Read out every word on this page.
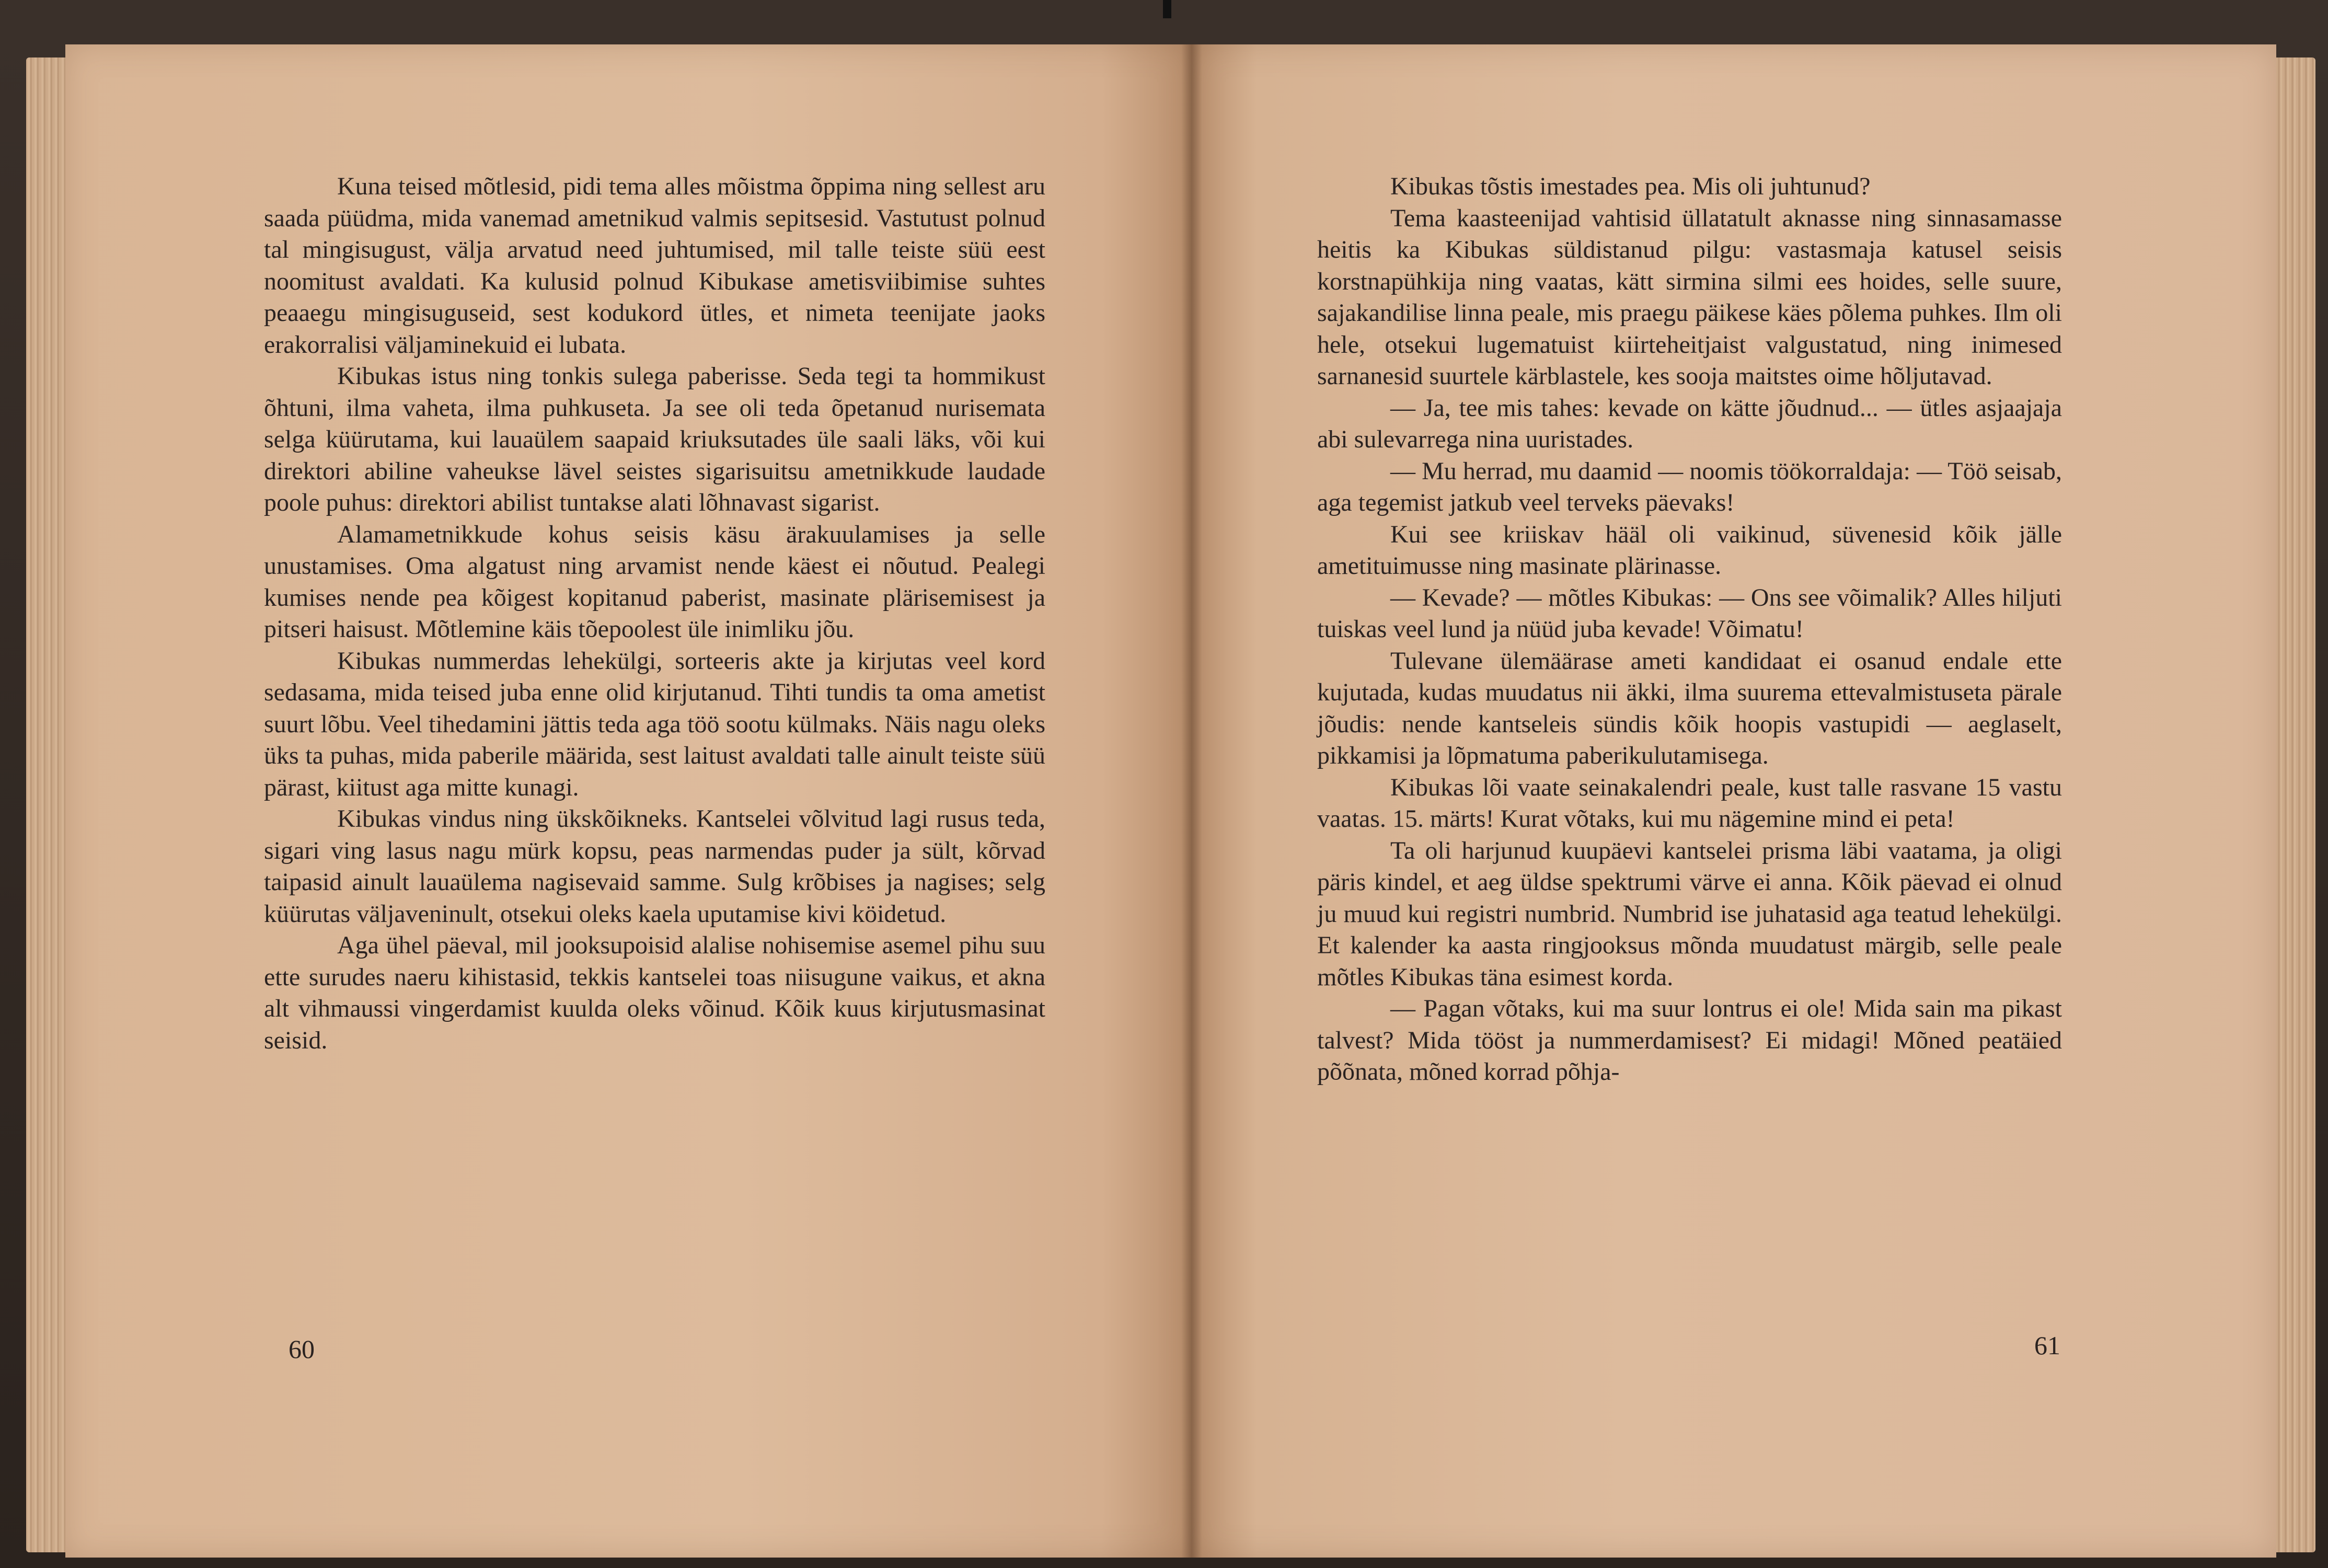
Kuna teised mõtlesid, pidi tema alles mõistma õppima ning sellest aru saada püüdma, mida vanemad ametnikud valmis sepitsesid. Vastutust polnud tal mingisugust, välja arvatud need juhtumised, mil talle teiste süü eest noomitust avaldati. Ka kulusid polnud Kibukase ametisviibimise suhtes peaaegu mingisuguseid, sest kodukord ütles, et nimeta teenijate jaoks erakorralisi väljaminekuid ei lubata.

Kibukas istus ning tonkis sulega paberisse. Seda tegi ta hommikust õhtuni, ilma vaheta, ilma puhkuseta. Ja see oli teda õpetanud nurisemata selga küürutama, kui lauaülem saapaid kriuksutades üle saali läks, või kui direktori abiline vaheukse lävel seistes sigarisuitsu ametnikkude laudade poole puhus: direktori abilist tuntakse alati lõhnavast sigarist.

Alamametnikkude kohus seisis käsu ärakuulamises ja selle unustamises. Oma algatust ning arvamist nende käest ei nõutud. Pealegi kumises nende pea kõigest kopitanud paberist, masinate plärisemisest ja pitseri haisust. Mõtlemine käis tõepoolest üle inimliku jõu.

Kibukas nummerdas lehekülgi, sorteeris akte ja kirjutas veel kord sedasama, mida teised juba enne olid kirjutanud. Tihti tundis ta oma ametist suurt lõbu. Veel tihedamini jättis teda aga töö sootu külmaks. Näis nagu oleks üks ta puhas, mida paberile määrida, sest laitust avaldati talle ainult teiste süü pärast, kiitust aga mitte kunagi.

Kibukas vindus ning ükskõikneks. Kantselei võlvitud lagi rusus teda, sigari ving lasus nagu mürk kopsu, peas narmendas puder ja sült, kõrvad taipasid ainult lauaülema nagisevaid samme. Sulg krõbises ja nagises; selg küürutas väljaveninult, otsekui oleks kaela uputamise kivi köidetud.

Aga ühel päeval, mil jooksupoisid alalise nohisemise asemel pihu suu ette surudes naeru kihistasid, tekkis kantselei toas niisugune vaikus, et akna alt vihmaussi vingerdamist kuulda oleks võinud. Kõik kuus kirjutusmasinat seisid.

60

Kibukas tõstis imestades pea. Mis oli juhtunud?

Tema kaasteenijad vahtisid üllatatult aknasse ning sinnasamasse heitis ka Kibukas süldistanud pilgu: vastasmaja katusel seisis korstnapühkija ning vaatas, kätt sirmina silmi ees hoides, selle suure, sajakandilise linna peale, mis praegu päikese käes põlema puhkes. Ilm oli hele, otsekui lugematuist kiirteheitjaist valgustatud, ning inimesed sarnanesid suurtele kärblastele, kes sooja maitstes oime hõljutavad.

— Ja, tee mis tahes: kevade on kätte jõudnud... — ütles asjaajaja abi sulevarrega nina uuristades.

— Mu herrad, mu daamid — noomis töökorraldaja: — Töö seisab, aga tegemist jatkub veel terveks päevaks!

Kui see kriiskav hääl oli vaikinud, süvenesid kõik jälle ametituimusse ning masinate plärinasse.

— Kevade? — mõtles Kibukas: — Ons see võimalik? Alles hiljuti tuiskas veel lund ja nüüd juba kevade! Võimatu!

Tulevane ülemäärase ameti kandidaat ei osanud endale ette kujutada, kudas muudatus nii äkki, ilma suurema ettevalmistuseta pärale jõudis: nende kantseleis sündis kõik hoopis vastupidi — aeglaselt, pikkamisi ja lõpmatuma paberikulutamisega.

Kibukas lõi vaate seinakalendri peale, kust talle rasvane 15 vastu vaatas. 15. märts! Kurat võtaks, kui mu nägemine mind ei peta!

Ta oli harjunud kuupäevi kantselei prisma läbi vaatama, ja oligi päris kindel, et aeg üldse spektrumi värve ei anna. Kõik päevad ei olnud ju muud kui registri numbrid. Numbrid ise juhatasid aga teatud lehekülgi. Et kalender ka aasta ringjooksus mõnda muudatust märgib, selle peale mõtles Kibukas täna esimest korda.

— Pagan võtaks, kui ma suur lontrus ei ole! Mida sain ma pikast talvest? Mida tööst ja nummerdamisest? Ei midagi! Mõned peatäied põõnata, mõned korrad põhja-

61
